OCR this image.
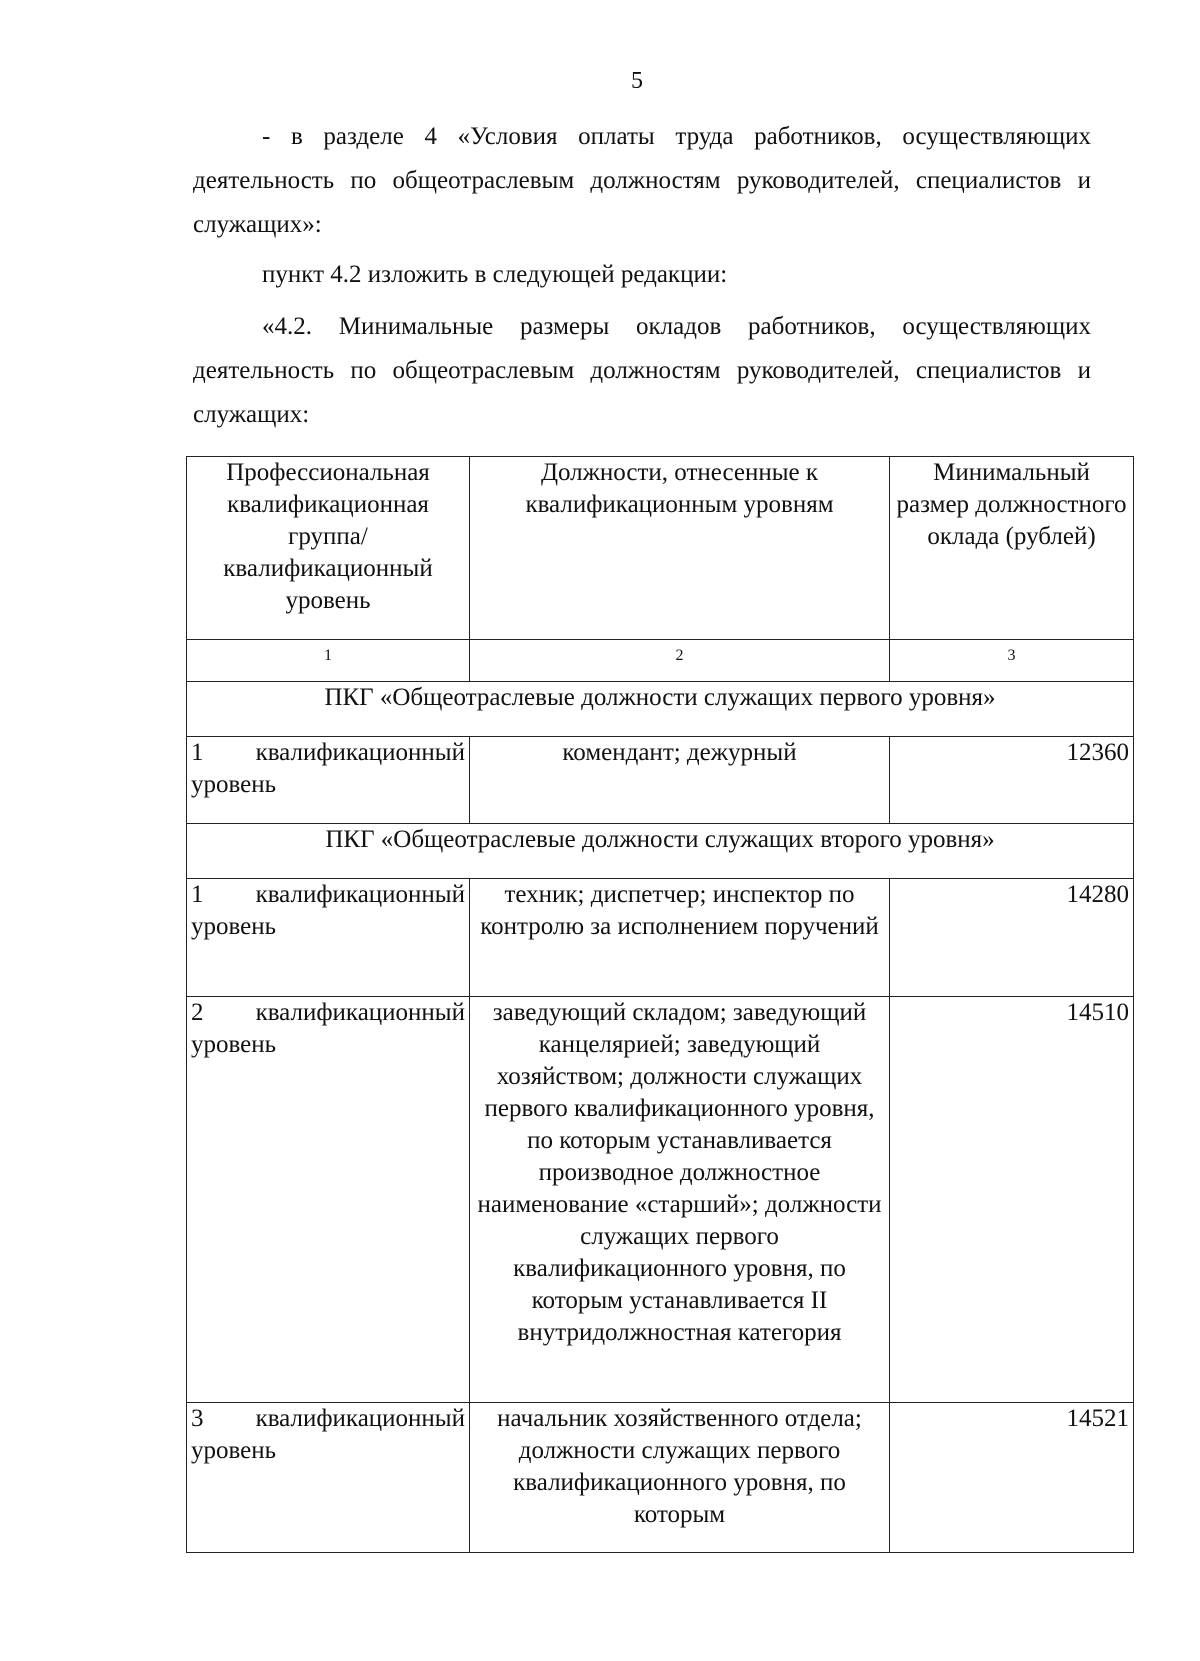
5

- в разделе 4 «Условия оплаты труда работников, осуществляющих деятельность по общеотраслевым должностям руководителей, специалистов и служащих»:

пункт 4.2 изложить в следующей редакции:

«4.2. Минимальные размеры окладов работников, осуществляющих деятельность по общеотраслевым должностям руководителей, специалистов и служащих:

Профессиональная квалификационная группа/ квалификационный уровень	Должности, отнесенные к квалификационным уровням	Минимальный размер должностного оклада (рублей)
1	2	3
ПКГ «Общеотраслевые должности служащих первого уровня»		
1 квалификационный уровень	комендант; дежурный	12360
ПКГ «Общеотраслевые должности служащих второго уровня»		
1 квалификационный уровень	техник; диспетчер; инспектор по контролю за исполнением поручений	14280
2 квалификационный уровень	заведующий складом; заведующий канцелярией; заведующий хозяйством; должности служащих первого квалификационного уровня, по которым устанавливается производное должностное наименование «старший»; должности служащих первого квалификационного уровня, по которым устанавливается II внутридолжностная категория	14510
3 квалификационный уровень	начальник хозяйственного отдела; должности служащих первого квалификационного уровня, по которым	14521
